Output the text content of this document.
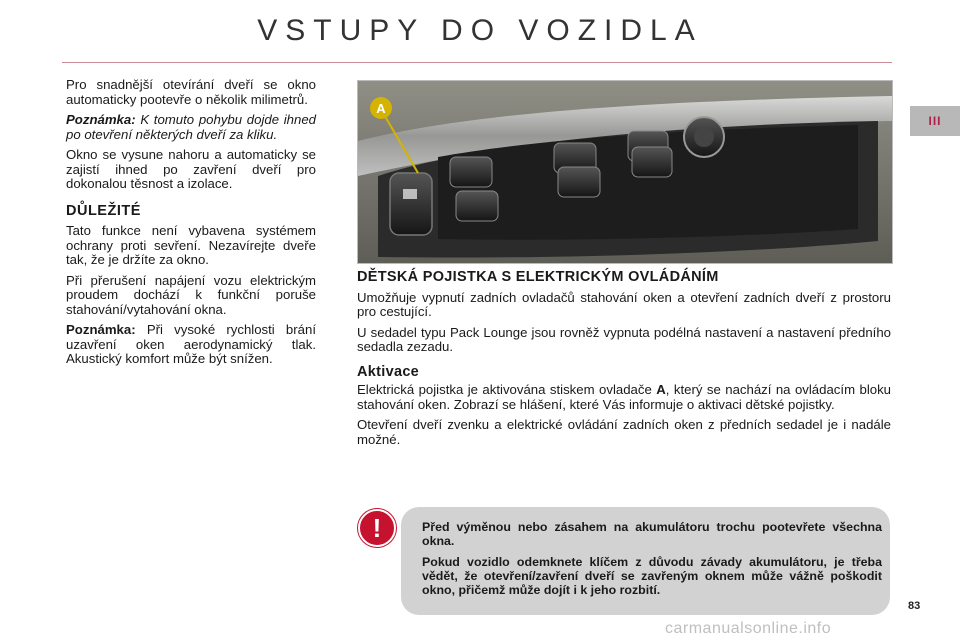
VSTUPY DO VOZIDLA
III

Pro snadnější otevírání dveří se okno automaticky pootevře o několik milimetrů.

Poznámka: K tomuto pohybu dojde ihned po otevření některých dveří za kliku.

Okno se vysune nahoru a automaticky se zajistí ihned po zavření dveří pro dokonalou těsnost a izolace.

DŮLEŽITÉ

Tato funkce není vybavena systémem ochrany proti sevření. Nezavírejte dveře tak, že je držíte za okno.

Při přerušení napájení vozu elektrickým proudem dochází k funkční poruše stahování/vytahování okna.

Poznámka: Při vysoké rychlosti brání uzavření oken aerodynamický tlak. Akustický komfort může být snížen.

A
DĚTSKÁ POJISTKA S ELEKTRICKÝM OVLÁDÁNÍM

Umožňuje vypnutí zadních ovladačů stahování oken a otevření zadních dveří z prostoru pro cestující.

U sedadel typu Pack Lounge jsou rovněž vypnuta podélná nastavení a nastavení předního sedadla zezadu.

Aktivace

Elektrická pojistka je aktivována stiskem ovladače A, který se nachází na ovládacím bloku stahování oken. Zobrazí se hlášení, které Vás informuje o aktivaci dětské pojistky.

Otevření dveří zvenku a elektrické ovládání zadních oken z předních sedadel je i nadále možné.

!	Před výměnou nebo zásahem na akumulátoru trochu pootevřete všechna okna.

Pokud vozidlo odemknete klíčem z důvodu závady akumulátoru, je třeba vědět, že otevření/zavření dveří se zavřeným oknem může vážně poškodit okno, přičemž může dojít i k jeho rozbití.

83
carmanualsonline.info
